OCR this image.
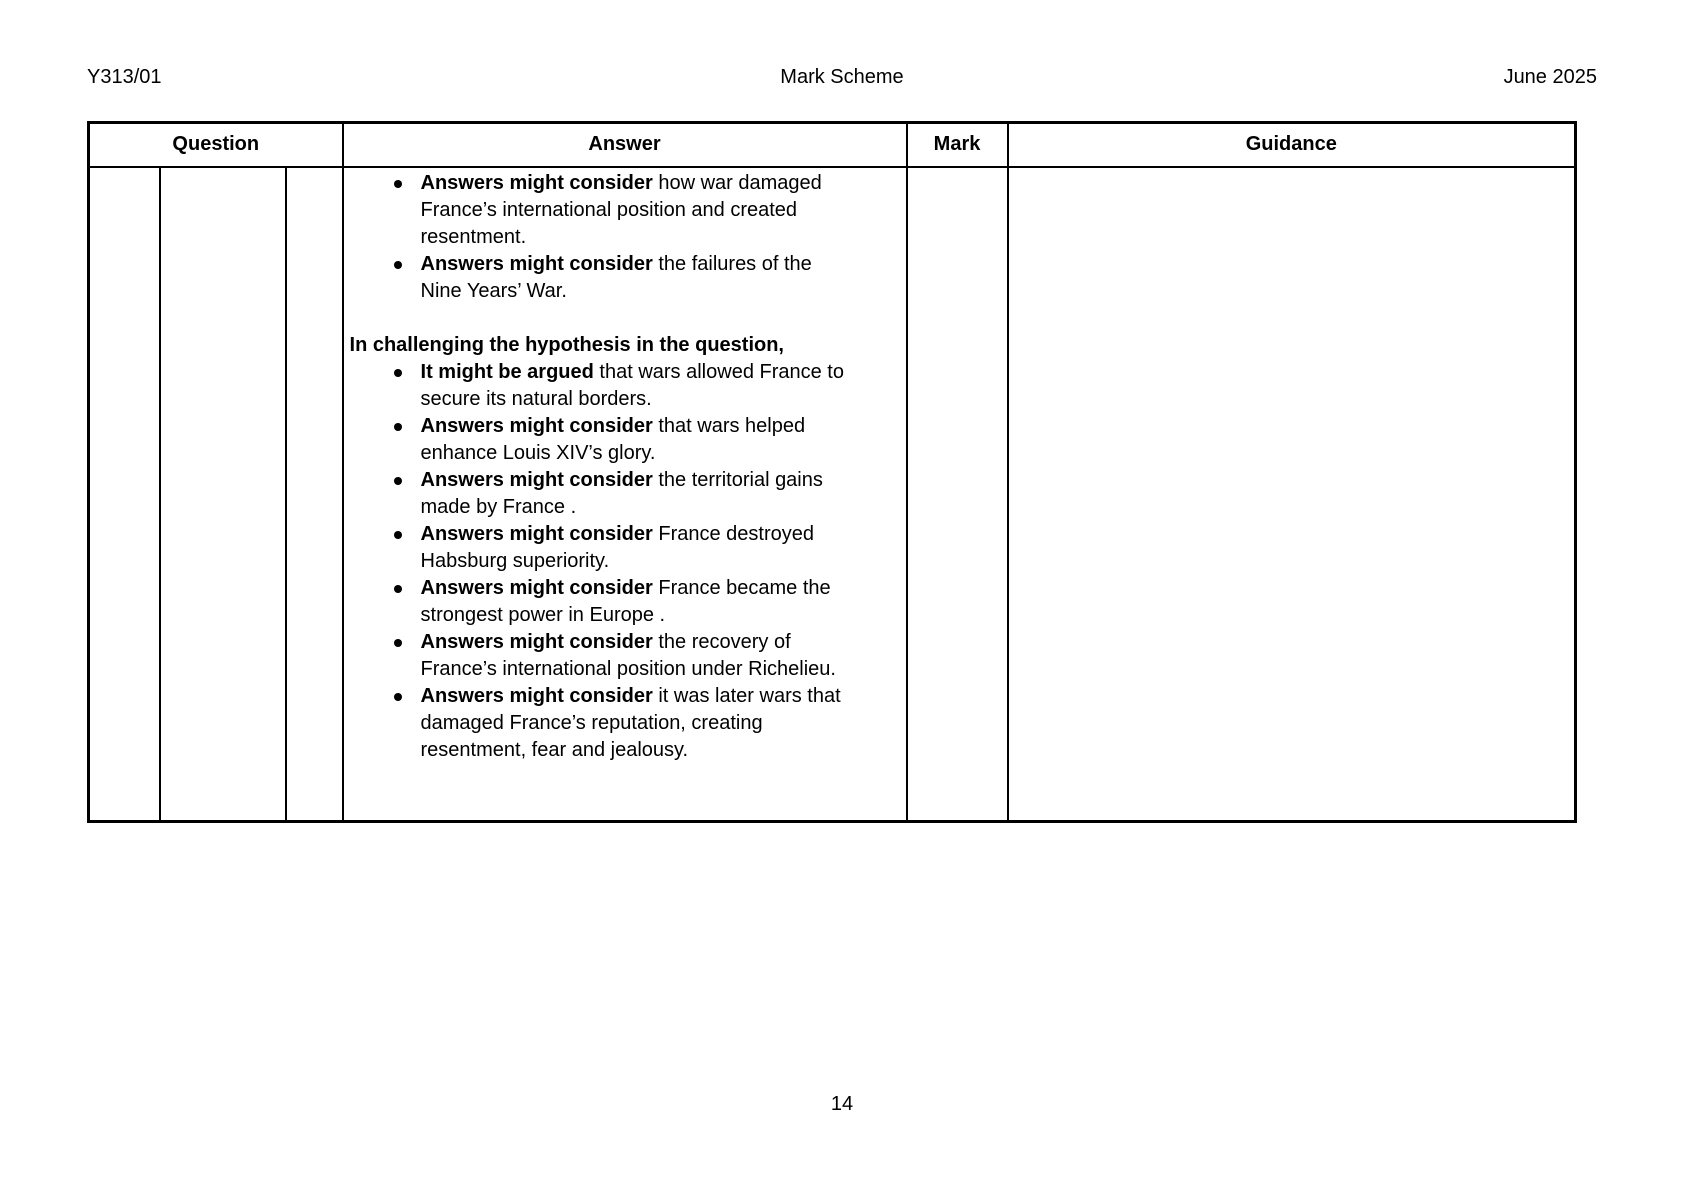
Y313/01	Mark Scheme	June 2025
Question			Answer	Mark	Guidance

Answers might consider how war damaged France’s international position and created resentment.
Answers might consider the failures of the Nine Years’ War.

In challenging the hypothesis in the question,

It might be argued that wars allowed France to secure its natural borders.
Answers might consider that wars helped enhance Louis XIV’s glory.
Answers might consider the territorial gains made by France .
Answers might consider France destroyed Habsburg superiority.
Answers might consider France became the strongest power in Europe .
Answers might consider the recovery of France’s international position under Richelieu.
Answers might consider it was later wars that damaged France’s reputation, creating resentment, fear and jealousy.

14
